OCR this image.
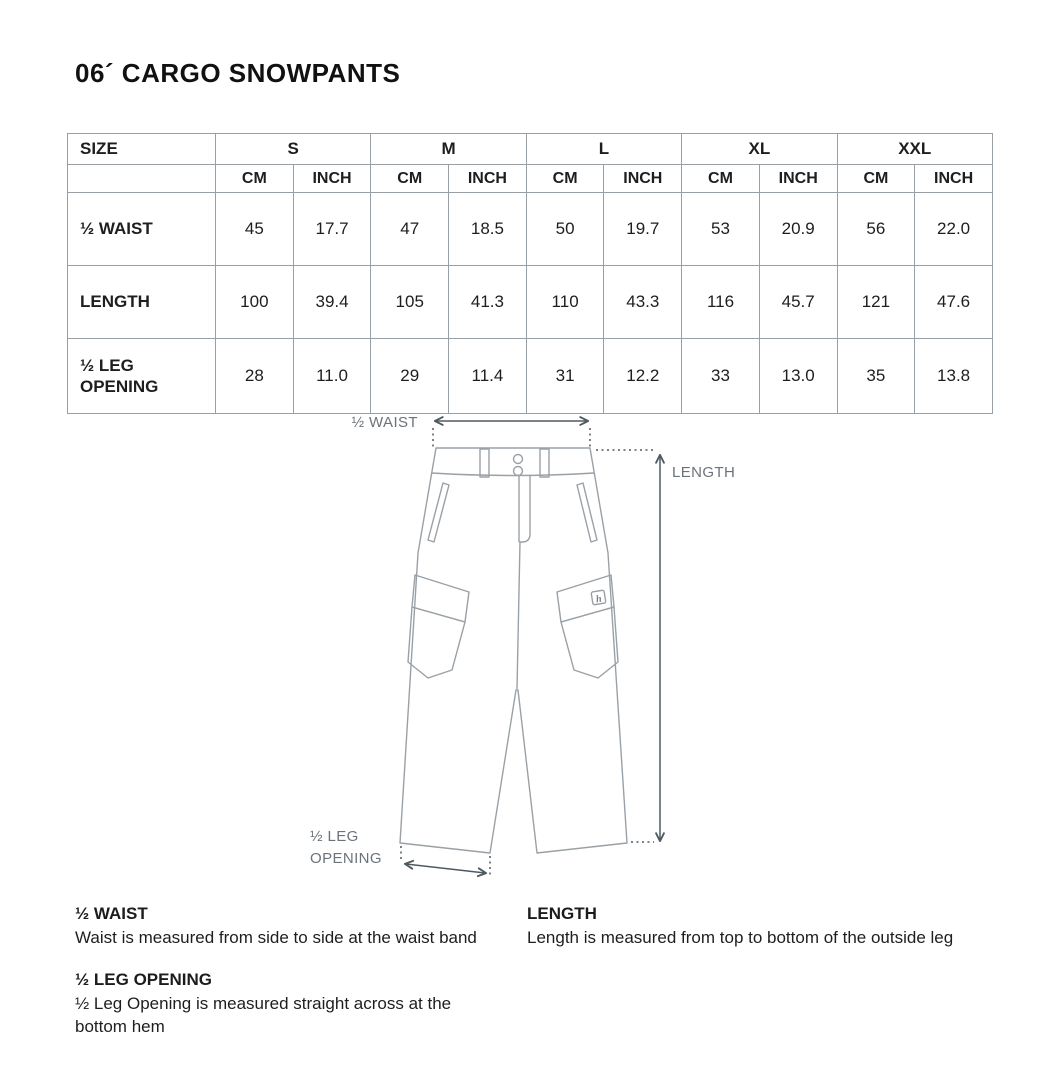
06´ CARGO SNOWPANTS
SIZE	S		M		L		XL		XXL	
	CM	INCH	CM	INCH	CM	INCH	CM	INCH	CM	INCH
½ WAIST	45	17.7	47	18.5	50	19.7	53	20.9	56	22.0
LENGTH	100	39.4	105	41.3	110	43.3	116	45.7	121	47.6
½ LEG OPENING	28	11.0	29	11.4	31	12.2	33	13.0	35	13.8
h
½ WAIST
LENGTH
½ LEG
OPENING

½ WAIST

Waist is measured from side to side at the waist band

½ LEG OPENING

½ Leg Opening is measured straight across at the bottom hem

LENGTH

Length is measured from top to bottom of the outside leg
